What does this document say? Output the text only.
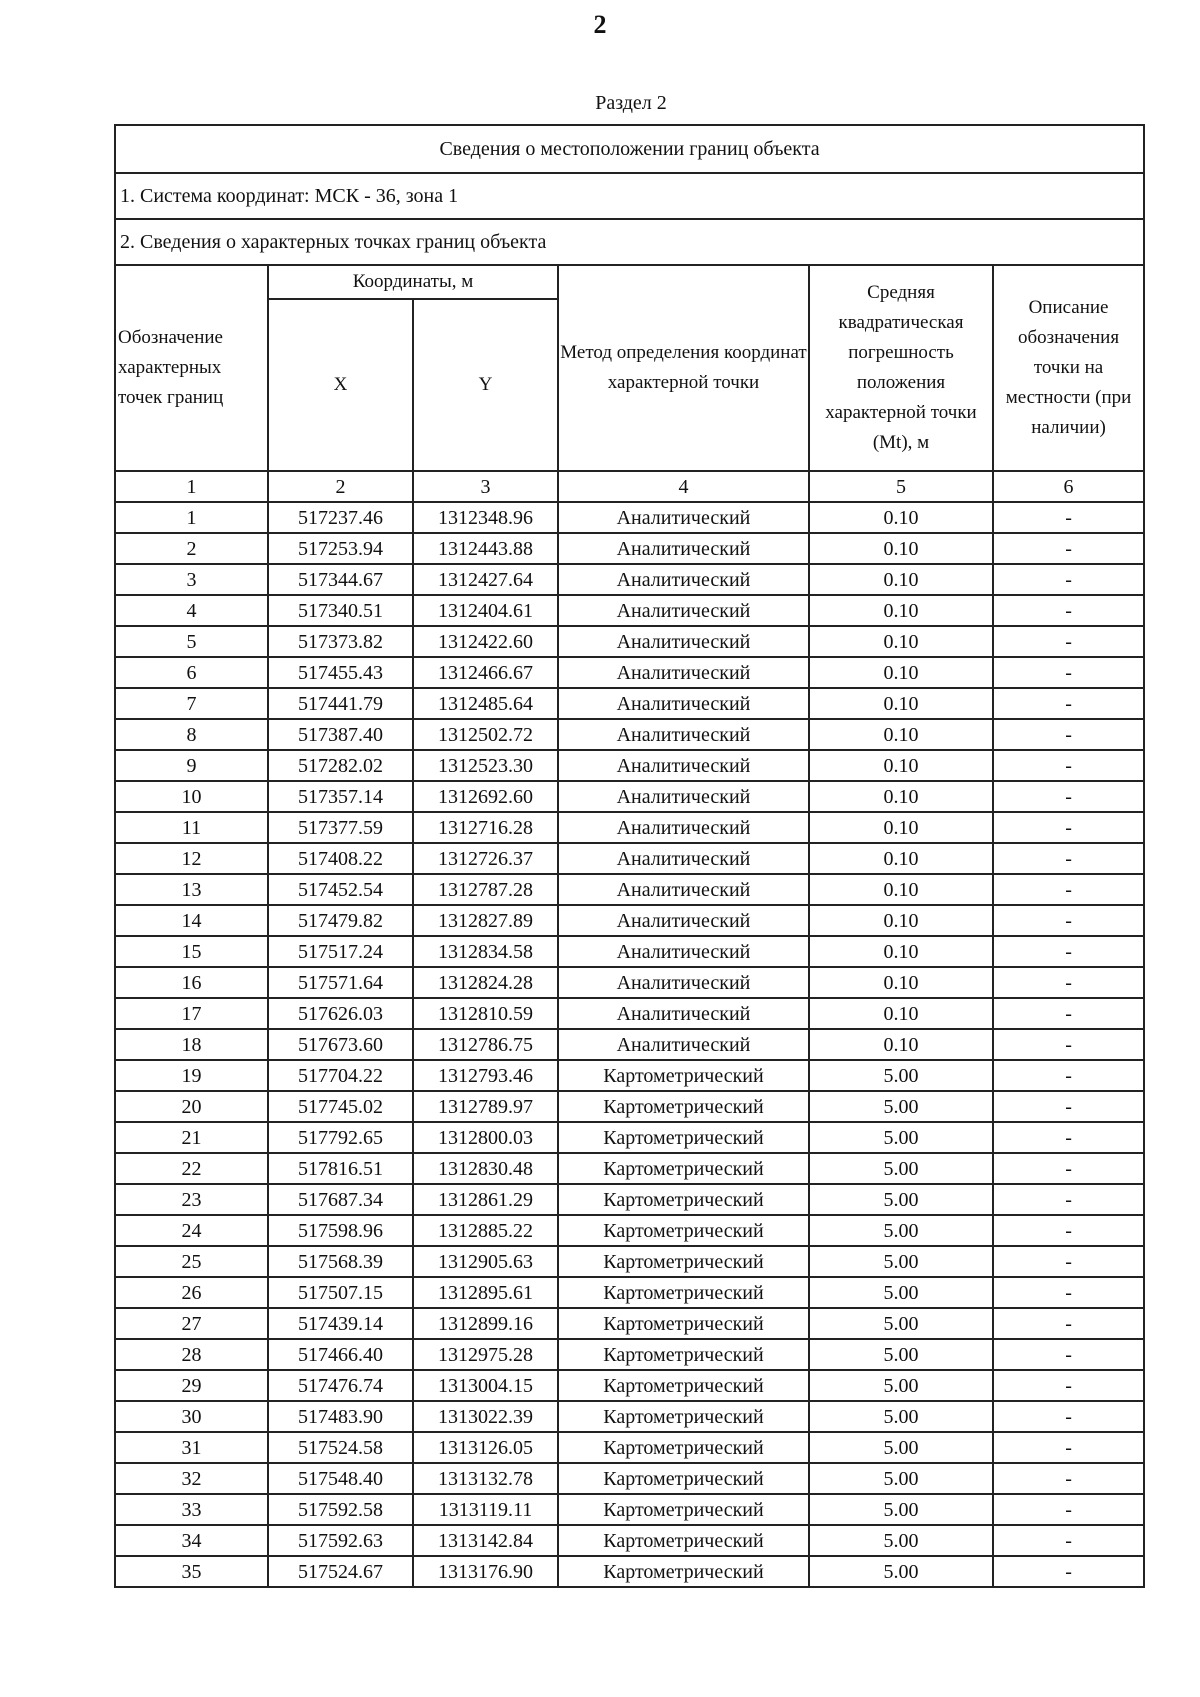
2
Раздел 2
Сведения о местоположении границ объекта					
1. Система координат: МСК - 36, зона 1					
2. Сведения о характерных точках границ объекта					
Обозначение характерных точек границ	Координаты, м		Метод определения координат характерной точки	Средняя квадратическая погрешность положения характерной точки (Mt), м	Описание обозначения точки на местности (при наличии)
	X	Y			
1	2	3	4	5	6
1	517237.46	1312348.96	Аналитический	0.10	-
2	517253.94	1312443.88	Аналитический	0.10	-
3	517344.67	1312427.64	Аналитический	0.10	-
4	517340.51	1312404.61	Аналитический	0.10	-
5	517373.82	1312422.60	Аналитический	0.10	-
6	517455.43	1312466.67	Аналитический	0.10	-
7	517441.79	1312485.64	Аналитический	0.10	-
8	517387.40	1312502.72	Аналитический	0.10	-
9	517282.02	1312523.30	Аналитический	0.10	-
10	517357.14	1312692.60	Аналитический	0.10	-
11	517377.59	1312716.28	Аналитический	0.10	-
12	517408.22	1312726.37	Аналитический	0.10	-
13	517452.54	1312787.28	Аналитический	0.10	-
14	517479.82	1312827.89	Аналитический	0.10	-
15	517517.24	1312834.58	Аналитический	0.10	-
16	517571.64	1312824.28	Аналитический	0.10	-
17	517626.03	1312810.59	Аналитический	0.10	-
18	517673.60	1312786.75	Аналитический	0.10	-
19	517704.22	1312793.46	Картометрический	5.00	-
20	517745.02	1312789.97	Картометрический	5.00	-
21	517792.65	1312800.03	Картометрический	5.00	-
22	517816.51	1312830.48	Картометрический	5.00	-
23	517687.34	1312861.29	Картометрический	5.00	-
24	517598.96	1312885.22	Картометрический	5.00	-
25	517568.39	1312905.63	Картометрический	5.00	-
26	517507.15	1312895.61	Картометрический	5.00	-
27	517439.14	1312899.16	Картометрический	5.00	-
28	517466.40	1312975.28	Картометрический	5.00	-
29	517476.74	1313004.15	Картометрический	5.00	-
30	517483.90	1313022.39	Картометрический	5.00	-
31	517524.58	1313126.05	Картометрический	5.00	-
32	517548.40	1313132.78	Картометрический	5.00	-
33	517592.58	1313119.11	Картометрический	5.00	-
34	517592.63	1313142.84	Картометрический	5.00	-
35	517524.67	1313176.90	Картометрический	5.00	-
